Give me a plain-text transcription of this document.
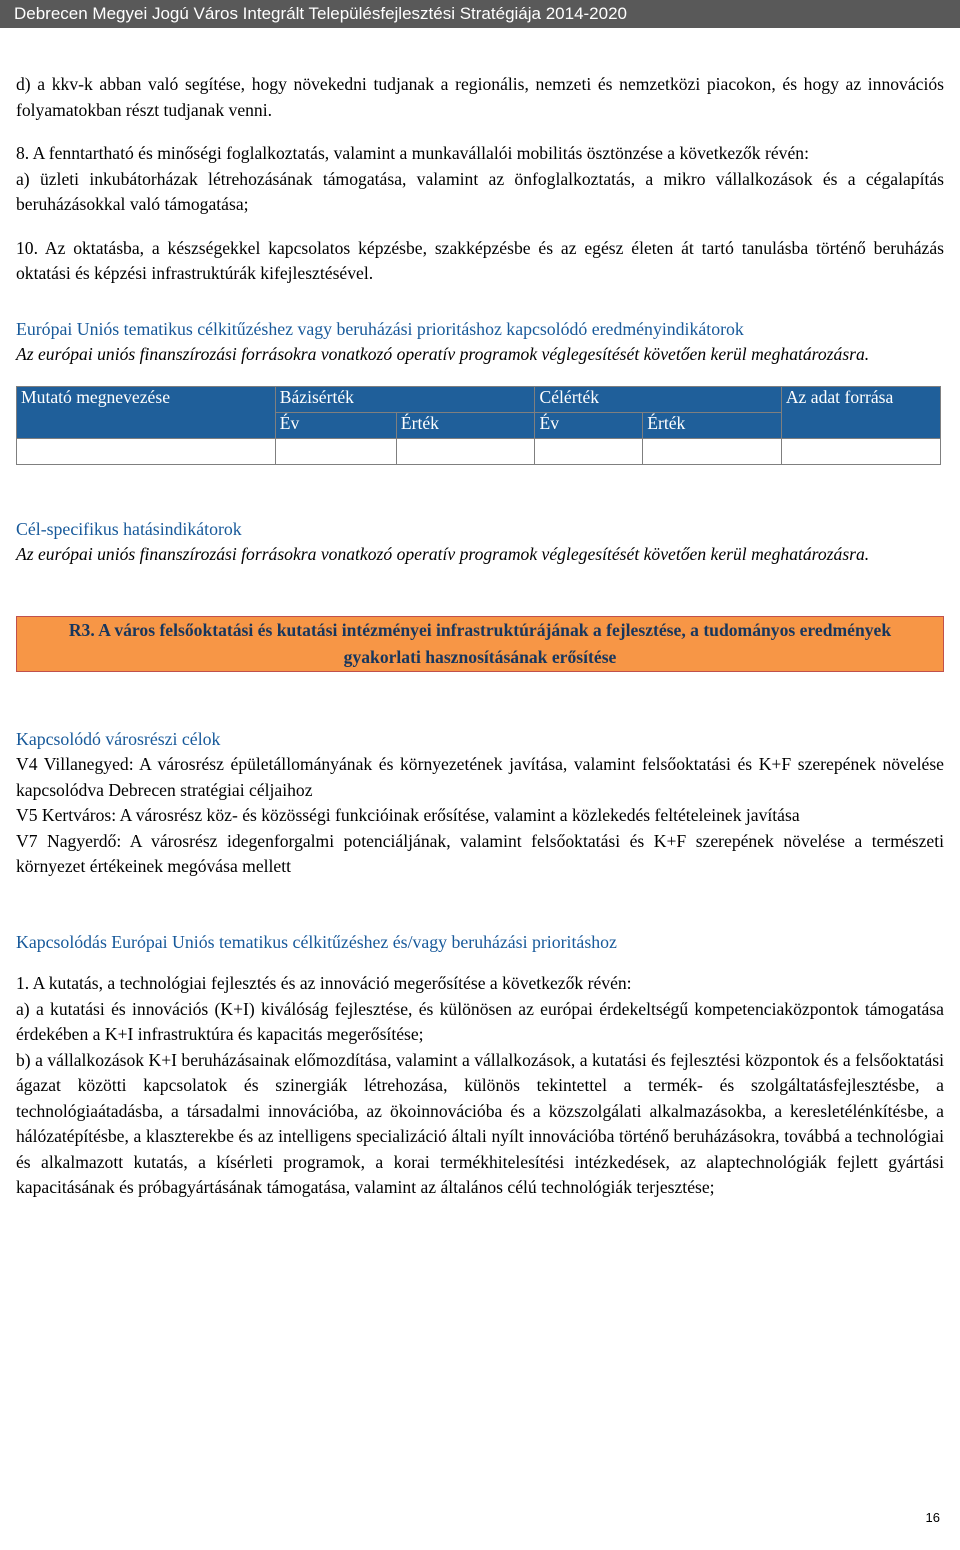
Debrecen Megyei Jogú Város Integrált Településfejlesztési Stratégiája 2014-2020

d) a kkv-k abban való segítése, hogy növekedni tudjanak a regionális, nemzeti és nemzetközi piacokon, és hogy az innovációs folyamatokban részt tudjanak venni.

8. A fenntartható és minőségi foglalkoztatás, valamint a munkavállalói mobilitás ösztönzése a következők révén:

a) üzleti inkubátorházak létrehozásának támogatása, valamint az önfoglalkoztatás, a mikro vállalkozások és a cégalapítás beruházásokkal való támogatása;

10. Az oktatásba, a készségekkel kapcsolatos képzésbe, szakképzésbe és az egész életen át tartó tanulásba történő beruházás oktatási és képzési infrastruktúrák kifejlesztésével.

Európai Uniós tematikus célkitűzéshez vagy beruházási prioritáshoz kapcsolódó eredményindikátorok

Az európai uniós finanszírozási forrásokra vonatkozó operatív programok véglegesítését követően kerül meghatározásra.

Mutató megnevezése	Bázisérték		Célérték		Az adat forrása
	Év	Érték	Év	Érték	

Cél-specifikus hatásindikátorok

Az európai uniós finanszírozási forrásokra vonatkozó operatív programok véglegesítését követően kerül meghatározásra.

R3. A város felsőoktatási és kutatási intézményei infrastruktúrájának a fejlesztése, a tudományos eredmények gyakorlati hasznosításának erősítése

Kapcsolódó városrészi célok

V4 Villanegyed: A városrész épületállományának és környezetének javítása, valamint felsőoktatási és K+F szerepének növelése kapcsolódva Debrecen stratégiai céljaihoz

V5 Kertváros: A városrész köz- és közösségi funkcióinak erősítése, valamint a közlekedés feltételeinek javítása

V7 Nagyerdő: A városrész idegenforgalmi potenciáljának, valamint felsőoktatási és K+F szerepének növelése a természeti környezet értékeinek megóvása mellett

Kapcsolódás Európai Uniós tematikus célkitűzéshez és/vagy beruházási prioritáshoz

1. A kutatás, a technológiai fejlesztés és az innováció megerősítése a következők révén:

a) a kutatási és innovációs (K+I) kiválóság fejlesztése, és különösen az európai érdekeltségű kompetenciaközpontok támogatása érdekében a K+I infrastruktúra és kapacitás megerősítése;

b) a vállalkozások K+I beruházásainak előmozdítása, valamint a vállalkozások, a kutatási és fejlesztési központok és a felsőoktatási ágazat közötti kapcsolatok és szinergiák létrehozása, különös tekintettel a termék- és szolgáltatásfejlesztésbe, a technológiaátadásba, a társadalmi innovációba, az ökoinnovációba és a közszolgálati alkalmazásokba, a keresletélénkítésbe, a hálózatépítésbe, a klaszterekbe és az intelligens specializáció általi nyílt innovációba történő beruházásokra, továbbá a technológiai és alkalmazott kutatás, a kísérleti programok, a korai termékhitelesítési intézkedések, az alaptechnológiák fejlett gyártási kapacitásának és próbagyártásának támogatása, valamint az általános célú technológiák terjesztése;

16
